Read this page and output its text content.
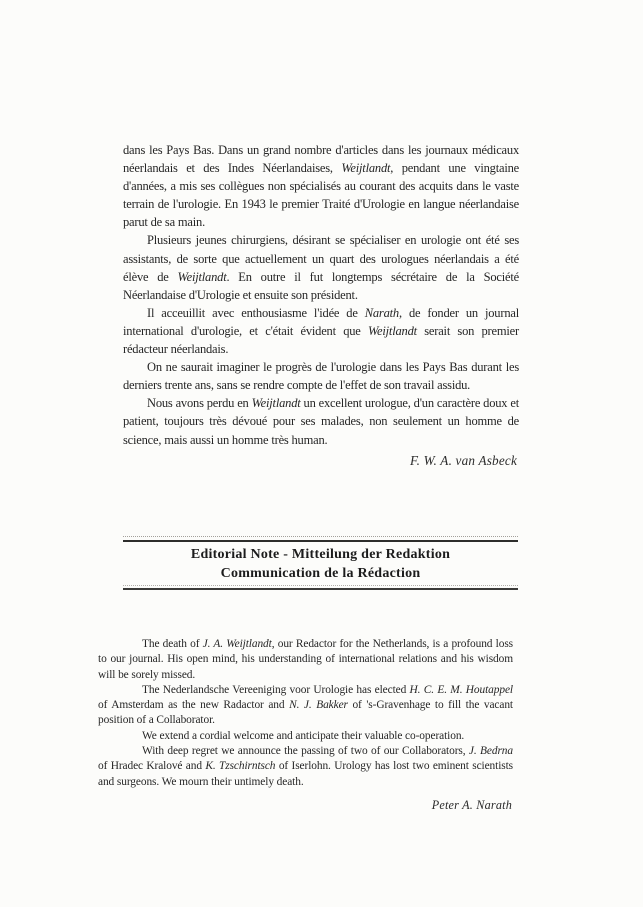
dans les Pays Bas. Dans un grand nombre d'articles dans les journaux médicaux néerlandais et des Indes Néerlandaises, Weijtlandt, pendant une vingtaine d'années, a mis ses collègues non spécialisés au courant des acquits dans le vaste terrain de l'urologie. En 1943 le premier Traité d'Urologie en langue néerlandaise parut de sa main.

Plusieurs jeunes chirurgiens, désirant se spécialiser en urologie ont été ses assistants, de sorte que actuellement un quart des urologues néerlandais a été élève de Weijtlandt. En outre il fut longtemps sécrétaire de la Société Néerlandaise d'Urologie et ensuite son président.

Il acceuillit avec enthousiasme l'idée de Narath, de fonder un journal international d'urologie, et c'était évident que Weijtlandt serait son premier rédacteur néerlandais.

On ne saurait imaginer le progrès de l'urologie dans les Pays Bas durant les derniers trente ans, sans se rendre compte de l'effet de son travail assidu.

Nous avons perdu en Weijtlandt un excellent urologue, d'un caractère doux et patient, toujours très dévoué pour ses malades, non seulement un homme de science, mais aussi un homme très human.

F. W. A. van Asbeck
Editorial Note - Mitteilung der Redaktion
Communication de la Rédaction

The death of J. A. Weijtlandt, our Redactor for the Netherlands, is a profound loss to our journal. His open mind, his understanding of international relations and his wisdom will be sorely missed.

The Nederlandsche Vereeniging voor Urologie has elected H. C. E. M. Houtappel of Amsterdam as the new Radactor and N. J. Bakker of 's-Gravenhage to fill the vacant position of a Collaborator.

We extend a cordial welcome and anticipate their valuable co-operation.

With deep regret we announce the passing of two of our Collaborators, J. Bedrna of Hradec Kralové and K. Tzschirntsch of Iserlohn. Urology has lost two eminent scientists and surgeons. We mourn their untimely death.

Peter A. Narath
